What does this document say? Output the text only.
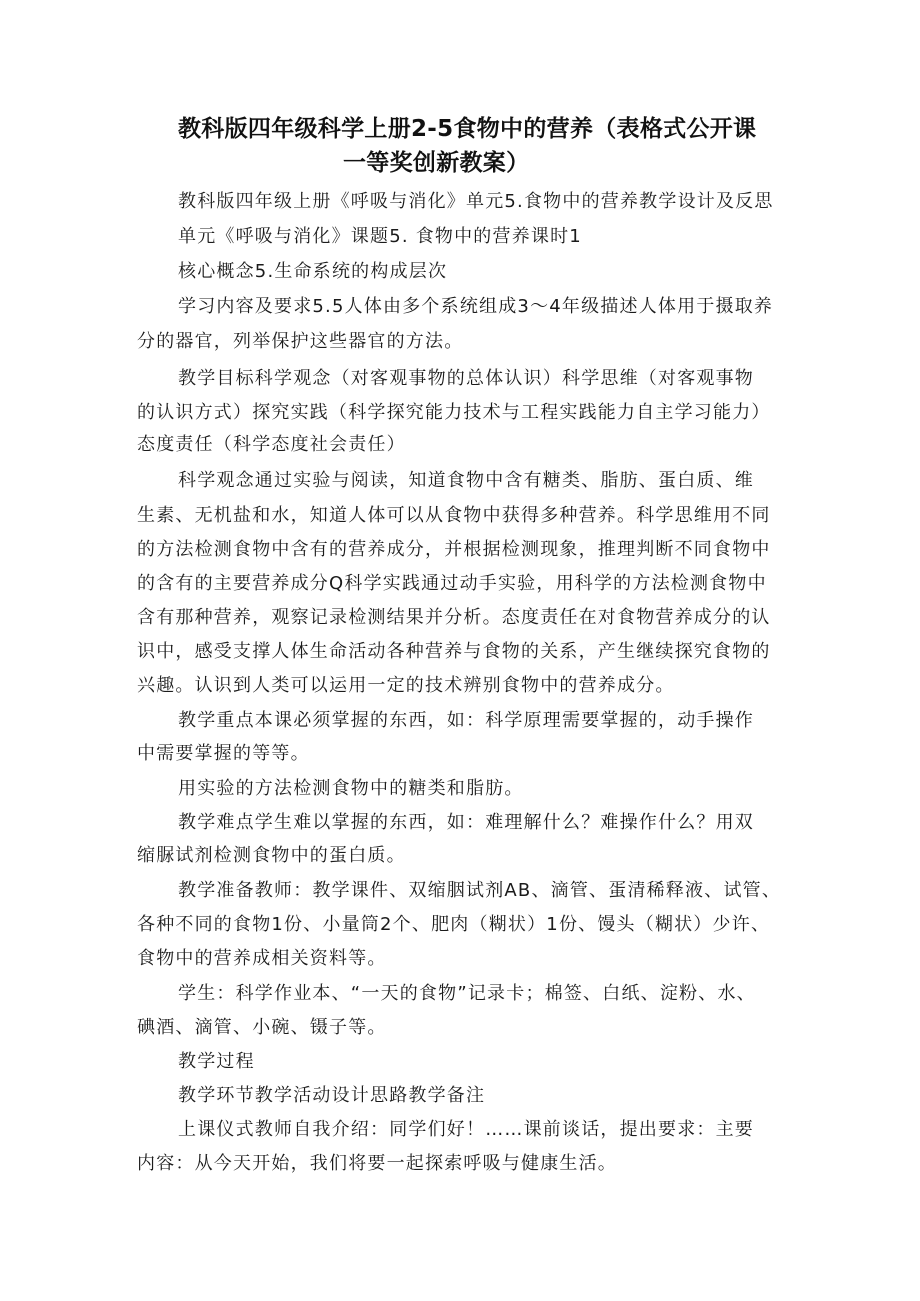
教科版四年级科学上册2-5食物中的营养（表格式公开课
一等奖创新教案）
教科版四年级上册《呼吸与消化》单元5.食物中的营养教学设计及反思
单元《呼吸与消化》课题5. 食物中的营养课时1
核心概念5.生命系统的构成层次
学习内容及要求5.5人体由多个系统组成3〜4年级描述人体用于摄取养
分的器官，列举保护这些器官的方法。
教学目标科学观念（对客观事物的总体认识）科学思维（对客观事物
的认识方式）探究实践（科学探究能力技术与工程实践能力自主学习能力）
态度责任（科学态度社会责任）
科学观念通过实验与阅读，知道食物中含有糖类、脂肪、蛋白质、维
生素、无机盐和水，知道人体可以从食物中获得多种营养。科学思维用不同
的方法检测食物中含有的营养成分，并根据检测现象，推理判断不同食物中
的含有的主要营养成分Q科学实践通过动手实验，用科学的方法检测食物中
含有那种营养，观察记录检测结果并分析。态度责任在对食物营养成分的认
识中，感受支撑人体生命活动各种营养与食物的关系，产生继续探究食物的
兴趣。认识到人类可以运用一定的技术辨别食物中的营养成分。
教学重点本课必须掌握的东西，如：科学原理需要掌握的，动手操作
中需要掌握的等等。
用实验的方法检测食物中的糖类和脂肪。
教学难点学生难以掌握的东西，如：难理解什么？难操作什么？用双
缩脲试剂检测食物中的蛋白质。
教学准备教师：教学课件、双缩胭试剂AB、滴管、蛋清稀释液、试管、
各种不同的食物1份、小量筒2个、肥肉（糊状）1份、馒头（糊状）少许、
食物中的营养成相关资料等。
学生：科学作业本、“一天的食物”记录卡；棉签、白纸、淀粉、水、
碘酒、滴管、小碗、镊子等。
教学过程
教学环节教学活动设计思路教学备注
上课仪式教师自我介绍：同学们好！……课前谈话，提出要求：主要
内容：从今天开始，我们将要一起探索呼吸与健康生活。
